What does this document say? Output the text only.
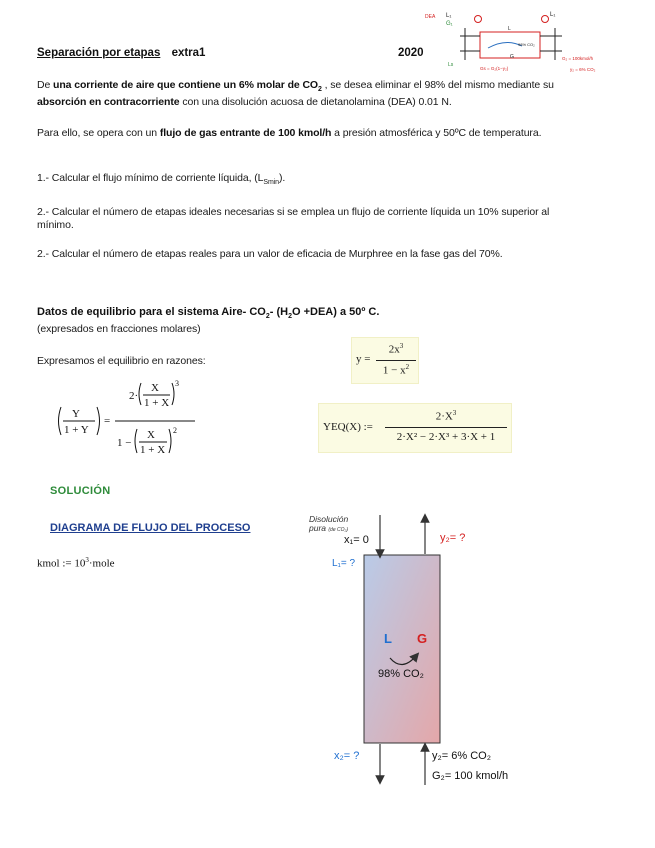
Separación por etapas extra1	2020
DEA L₁
G₁
L₁
L
98% CO₂
G	G₂ = 100kmol/h
y₂ = 6% CO₂
Ls
Gs = G₂(1−y₂)
De una corriente de aire que contiene un 6% molar de $CO_2$ , se desea eliminar el 98% del mismo mediante su absorción en contracorriente con una disolución acuosa de dietanolamina (DEA) 0.01 N.
Para ello, se opera con un flujo de gas entrante de 100 kmol/h a presión atmosférica y 50ºC de temperatura.
1.- Calcular el flujo mínimo de corriente líquida, $(L_{Smin})$.
2.- Calcular el número de etapas ideales necesarias si se emplea un flujo de corriente líquida un 10% superior al mínimo.
2.- Calcular el número de etapas reales para un valor de eficacia de Murphree en la fase gas del 70%.
Datos de equilibrio para el sistema Aire- $CO_2-$ $(H_2O +DEA)$ a 50º C.
(expresados en fracciones molares)
Expresamos el equilibrio en razones:	y =
$2x^3$
$1 - x^2$
Y
1 + Y
=
2·
X
1 + X
3
1 −
X
1 + X
2	YEQ(X) :=
$2\cdot X^3$
2·X² − 2·X³ + 3·X + 1
SOLUCIÓN
DIAGRAMA DE FLUJO DEL PROCESO
kmol := $10^3\cdot mole$
Disolución
pura (de CO₂)
x₁= 0
L₁= ?
y₂= ?
L G
98% CO₂
x₂= ?	y₂= 6% CO₂
G₂= 100 kmol/h
